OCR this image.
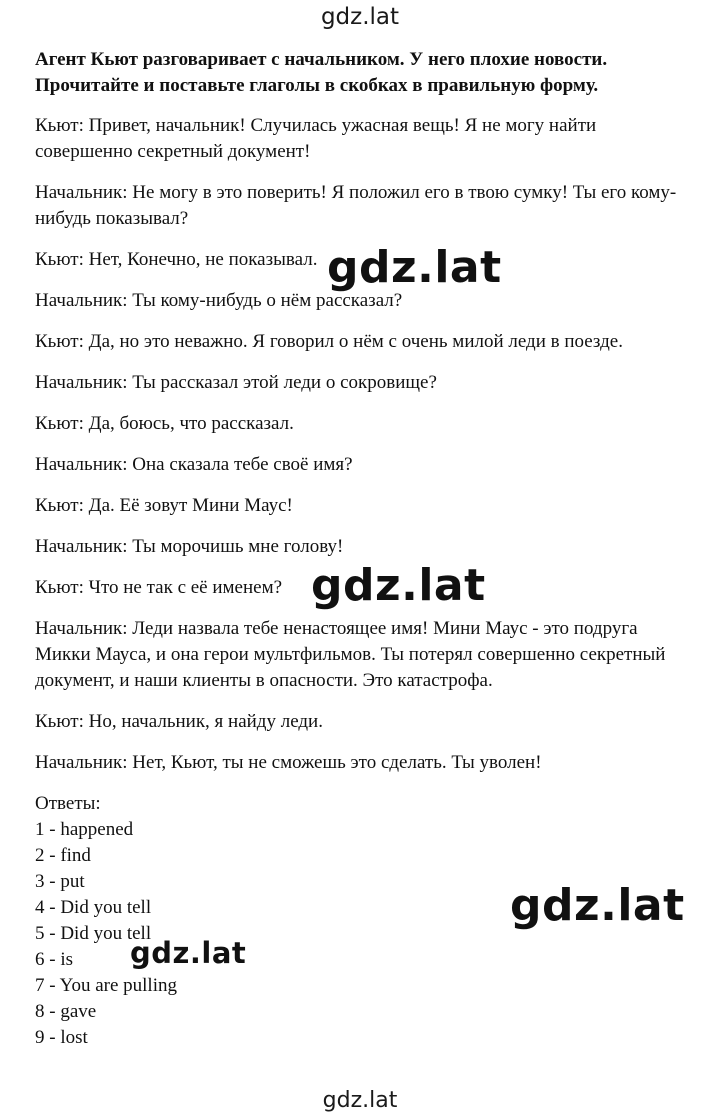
gdz.lat

Агент Кьют разговаривает с начальником. У него плохие новости.
Прочитайте и поставьте глаголы в скобках в правильную форму.

Кьют: Привет, начальник! Случилась ужасная вещь! Я не могу найти совершенно секретный документ!

Начальник: Не могу в это поверить! Я положил его в твою сумку! Ты его кому-нибудь показывал?

Кьют: Нет, Конечно, не показывал.

Начальник: Ты кому-нибудь о нём рассказал?

Кьют: Да, но это неважно. Я говорил о нём с очень милой леди в поезде.

Начальник: Ты рассказал этой леди о сокровище?

Кьют: Да, боюсь, что рассказал.

Начальник: Она сказала тебе своё имя?

Кьют: Да. Её зовут Мини Маус!

Начальник: Ты морочишь мне голову!

Кьют: Что не так с её именем?

Начальник: Леди назвала тебе ненастоящее имя! Мини Маус - это подруга Микки Мауса, и она герои мультфильмов. Ты потерял совершенно секретный документ, и наши клиенты в опасности. Это катастрофа.

Кьют: Но, начальник, я найду леди.

Начальник: Нет, Кьют, ты не сможешь это сделать. Ты уволен!

Ответы:

1 - happened
2 - find
3 - put
4 - Did you tell
5 - Did you tell
6 - is
7 - You are pulling
8 - gave
9 - lost
gdz.lat
gdz.lat
gdz.lat
gdz.lat
gdz.lat
